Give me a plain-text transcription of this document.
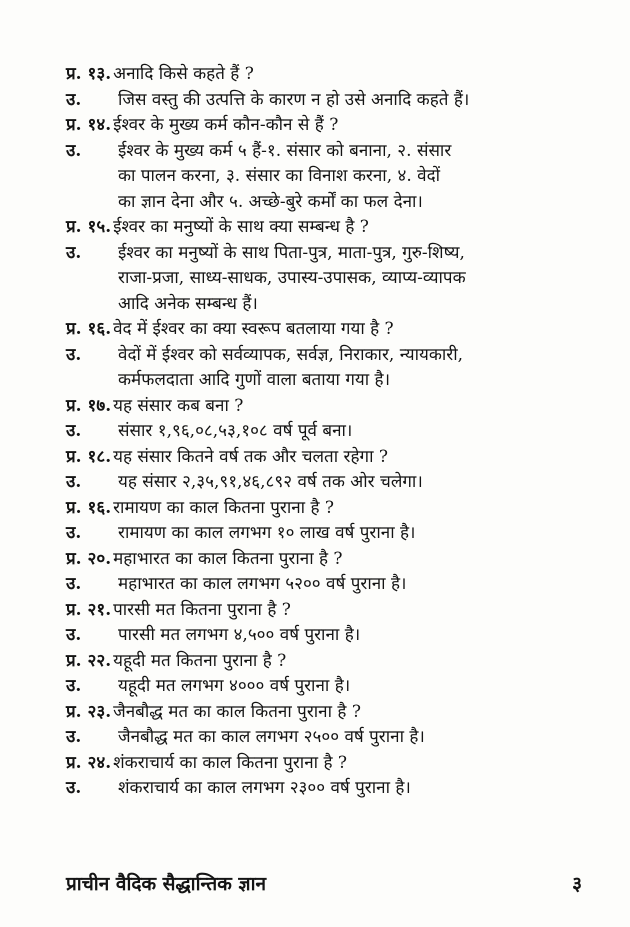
प्र. १३. अनादि किसे कहते हैं ?
उ.	जिस वस्तु की उत्पत्ति के कारण न हो उसे अनादि कहते हैं।
प्र. १४. ईश्वर के मुख्य कर्म कौन-कौन से हैं ?
उ.	ईश्वर के मुख्य कर्म ५ हैं-१. संसार को बनाना, २. संसार
का पालन करना, ३. संसार का विनाश करना, ४. वेदों
का ज्ञान देना और ५. अच्छे-बुरे कर्मों का फल देना।
प्र. १५. ईश्वर का मनुष्यों के साथ क्या सम्बन्ध है ?
उ.	ईश्वर का मनुष्यों के साथ पिता-पुत्र, माता-पुत्र, गुरु-शिष्य,
राजा-प्रजा, साध्य-साधक, उपास्य-उपासक, व्याप्य-व्यापक
आदि अनेक सम्बन्ध हैं।
प्र. १६. वेद में ईश्वर का क्या स्वरूप बतलाया गया है ?
उ.	वेदों में ईश्वर को सर्वव्यापक, सर्वज्ञ, निराकार, न्यायकारी,
कर्मफलदाता आदि गुणों वाला बताया गया है।
प्र. १७. यह संसार कब बना ?
उ.	संसार १,९६,०८,५३,१०८ वर्ष पूर्व बना।
प्र. १८. यह संसार कितने वर्ष तक और चलता रहेगा ?
उ.	यह संसार २,३५,९१,४६,८९२ वर्ष तक ओर चलेगा।
प्र. १६. रामायण का काल कितना पुराना है ?
उ.	रामायण का काल लगभग १० लाख वर्ष पुराना है।
प्र. २०. महाभारत का काल कितना पुराना है ?
उ.	महाभारत का काल लगभग ५२०० वर्ष पुराना है।
प्र. २१. पारसी मत कितना पुराना है ?
उ.	पारसी मत लगभग ४,५०० वर्ष पुराना है।
प्र. २२. यहूदी मत कितना पुराना है ?
उ.	यहूदी मत लगभग ४००० वर्ष पुराना है।
प्र. २३. जैनबौद्ध मत का काल कितना पुराना है ?
उ.	जैनबौद्ध मत का काल लगभग २५०० वर्ष पुराना है।
प्र. २४. शंकराचार्य का काल कितना पुराना है ?
उ.	शंकराचार्य का काल लगभग २३०० वर्ष पुराना है।
प्राचीन वैदिक सैद्धान्तिक ज्ञान	३
